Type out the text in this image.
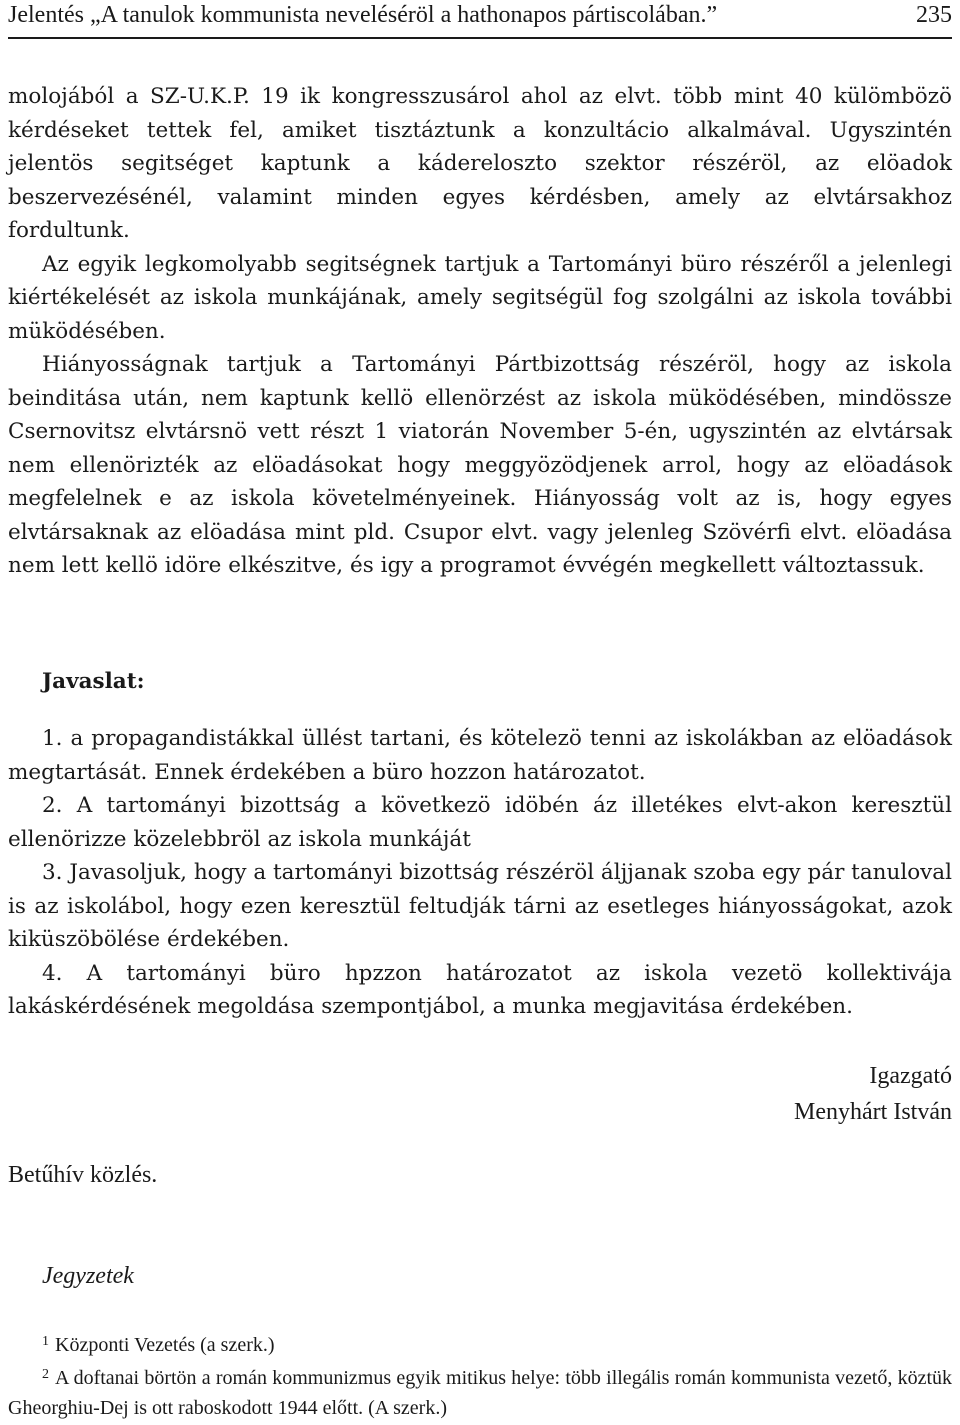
Jelentés „A tanulok kommunista neveléséröl a hathonapos pártiscolában.”	235

molojából a SZ-U.K.P. 19 ik kongresszusárol ahol az elvt. több mint 40 külömbözö kérdéseket tettek fel, amiket tisztáztunk a konzultácio alkalmával. Ugyszintén jelentös segitséget kaptunk a káderelosztо szektor részéröl, az elöadok beszervezésénél, valamint minden egyes kérdésben, amely az elvtársakhoz fordultunk.

Az egyik legkomolyabb segitségnek tartjuk a Tartományi büro részéről a jelenlegi kiértékelését az iskola munkájának, amely segitségül fog szolgálni az iskola további müködésében.

Hiányosságnak tartjuk a Tartományi Pártbizottság részéröl, hogy az iskola beinditása után, nem kaptunk kellö ellenörzést az iskola müködésében, mindössze Csernovitsz elvtársnö vett részt 1 viatorán November 5-én, ugyszintén az elvtársak nem ellenörizték az elöadásokat hogy meggyözödjenek arrol, hogy az elöadások megfelelnek e az iskola követelményeinek. Hiányosság volt az is, hogy egyes elvtársaknak az elöadása mint pld. Csupor elvt. vagy jelenleg Szövérfi elvt. elöadása nem lett kellö idöre elkészitve, és igy a programot évvégén megkellett változtassuk.

Javaslat:

1. a propagandistákkal üllést tartani, és kötelezö tenni az iskolákban az elöadások megtartását. Ennek érdekében a büro hozzon határozatot.

2. A tartományi bizottság a következö idöbén áz illetékes elvt-akon keresztül ellenörizze közelebbröl az iskola munkáját

3. Javasoljuk, hogy a tartományi bizottság részéröl áljjanak szoba egy pár tanuloval is az iskolábol, hogy ezen keresztül feltudják tárni az esetleges hiányosságokat, azok kiküszöbölése érdekében.

4. A tartományi büro hpzzon határozatot az iskola vezetö kollektivája lakáskérdésének megoldása szempontjábol, a munka megjavitása érdekében.

Igazgató
Menyhárt István
Betűhív közlés.
Jegyzetek

$^1$ Központi Vezetés (a szerk.)

$^2$ A doftanai börtön a román kommunizmus egyik mitikus helye: több illegális román kommunista vezető, köztük Gheorghiu-Dej is ott raboskodott 1944 előtt. (A szerk.)
